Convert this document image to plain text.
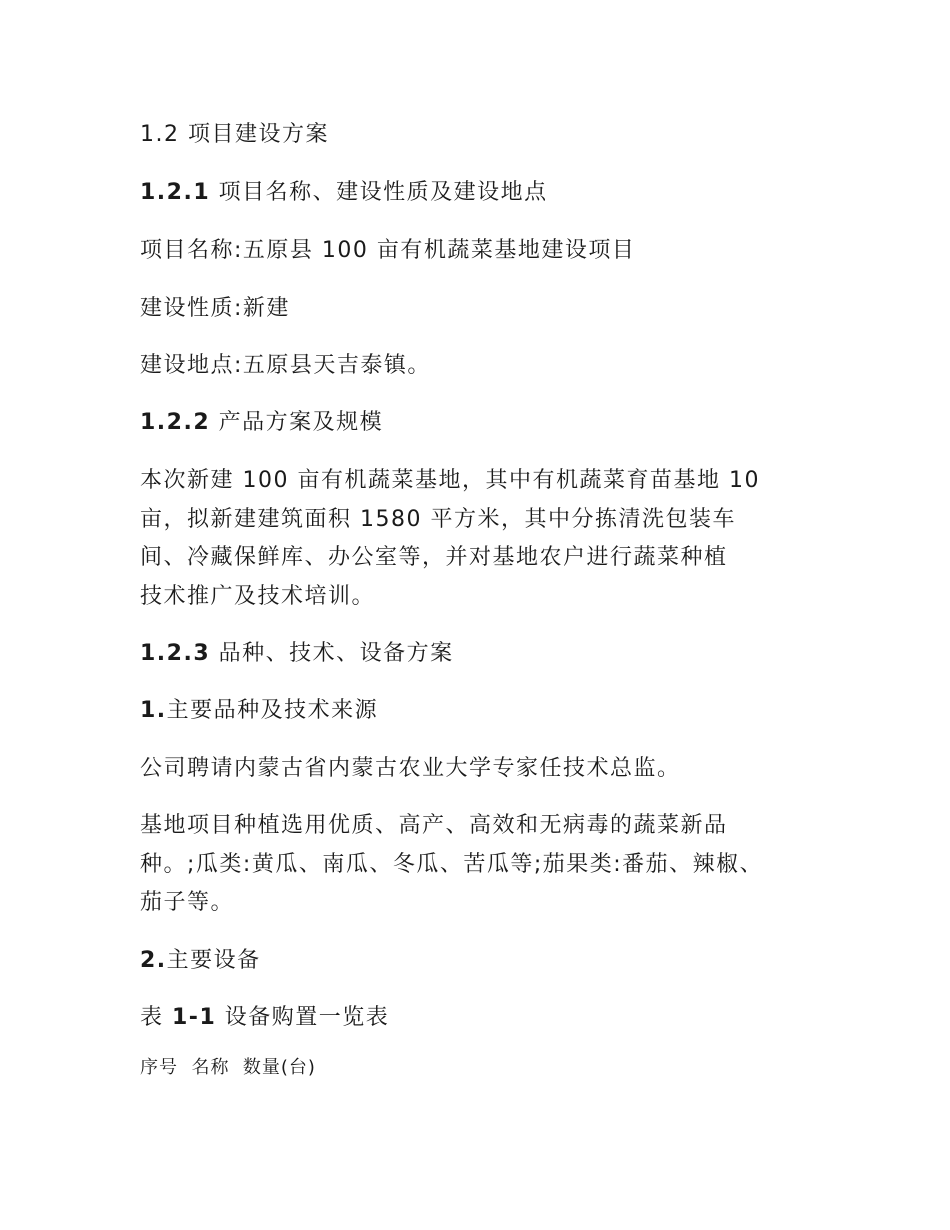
1.2 项目建设方案
1.2.1 项目名称、建设性质及建设地点
项目名称:五原县 100 亩有机蔬菜基地建设项目
建设性质:新建
建设地点:五原县天吉泰镇。
1.2.2 产品方案及规模
本次新建 100 亩有机蔬菜基地，其中有机蔬菜育苗基地 10
亩，拟新建建筑面积 1580 平方米，其中分拣清洗包装车
间、冷藏保鲜库、办公室等，并对基地农户进行蔬菜种植
技术推广及技术培训。
1.2.3 品种、技术、设备方案
1.主要品种及技术来源
公司聘请内蒙古省内蒙古农业大学专家任技术总监。
基地项目种植选用优质、高产、高效和无病毒的蔬菜新品
种。;瓜类:黄瓜、南瓜、冬瓜、苦瓜等;茄果类:番茄、辣椒、
茄子等。
2.主要设备
表 1-1 设备购置一览表
序号  名称  数量(台)
